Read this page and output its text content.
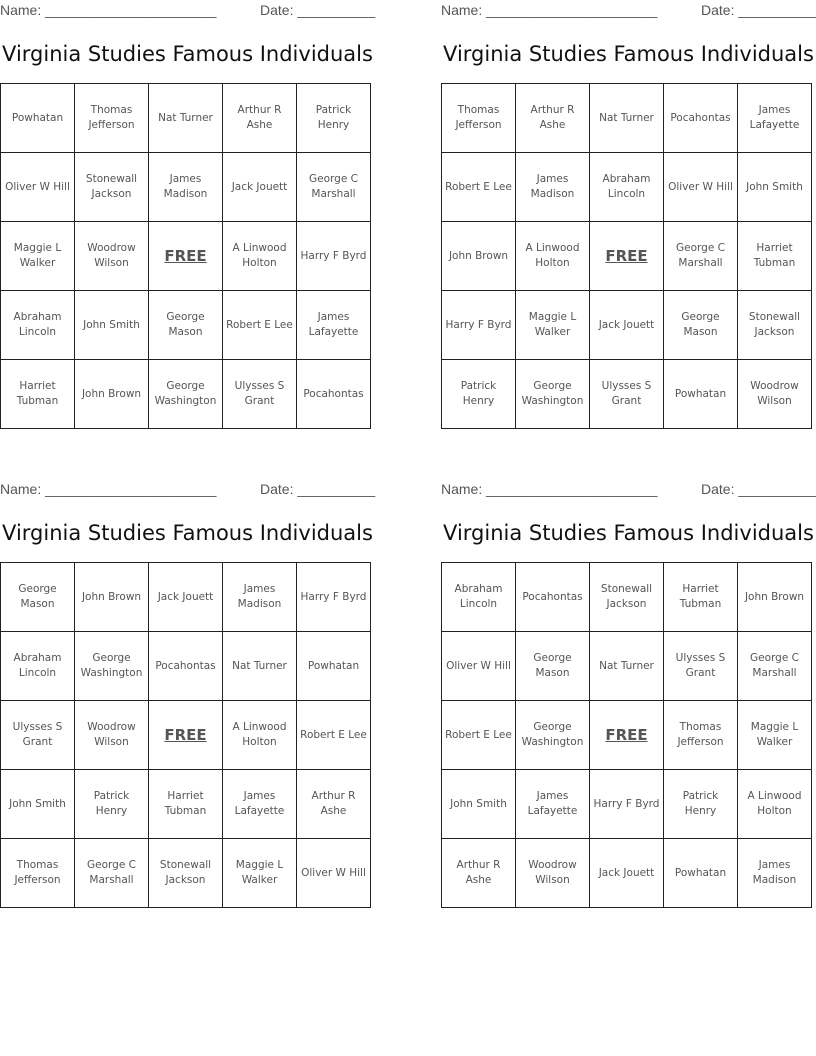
Name: ______________________	Date: __________
Virginia Studies Famous Individuals
Powhatan	Thomas Jefferson	Nat Turner	Arthur R Ashe	Patrick Henry
Oliver W Hill	Stonewall Jackson	James Madison	Jack Jouett	George C Marshall
Maggie L Walker	Woodrow Wilson	FREE	A Linwood Holton	Harry F Byrd
Abraham Lincoln	John Smith	George Mason	Robert E Lee	James Lafayette
Harriet Tubman	John Brown	George Washington	Ulysses S Grant	Pocahontas
Name: ______________________	Date: __________
Virginia Studies Famous Individuals
Thomas Jefferson	Arthur R Ashe	Nat Turner	Pocahontas	James Lafayette
Robert E Lee	James Madison	Abraham Lincoln	Oliver W Hill	John Smith
John Brown	A Linwood Holton	FREE	George C Marshall	Harriet Tubman
Harry F Byrd	Maggie L Walker	Jack Jouett	George Mason	Stonewall Jackson
Patrick Henry	George Washington	Ulysses S Grant	Powhatan	Woodrow Wilson
Name: ______________________	Date: __________
Virginia Studies Famous Individuals
George Mason	John Brown	Jack Jouett	James Madison	Harry F Byrd
Abraham Lincoln	George Washington	Pocahontas	Nat Turner	Powhatan
Ulysses S Grant	Woodrow Wilson	FREE	A Linwood Holton	Robert E Lee
John Smith	Patrick Henry	Harriet Tubman	James Lafayette	Arthur R Ashe
Thomas Jefferson	George C Marshall	Stonewall Jackson	Maggie L Walker	Oliver W Hill
Name: ______________________	Date: __________
Virginia Studies Famous Individuals
Abraham Lincoln	Pocahontas	Stonewall Jackson	Harriet Tubman	John Brown
Oliver W Hill	George Mason	Nat Turner	Ulysses S Grant	George C Marshall
Robert E Lee	George Washington	FREE	Thomas Jefferson	Maggie L Walker
John Smith	James Lafayette	Harry F Byrd	Patrick Henry	A Linwood Holton
Arthur R Ashe	Woodrow Wilson	Jack Jouett	Powhatan	James Madison
